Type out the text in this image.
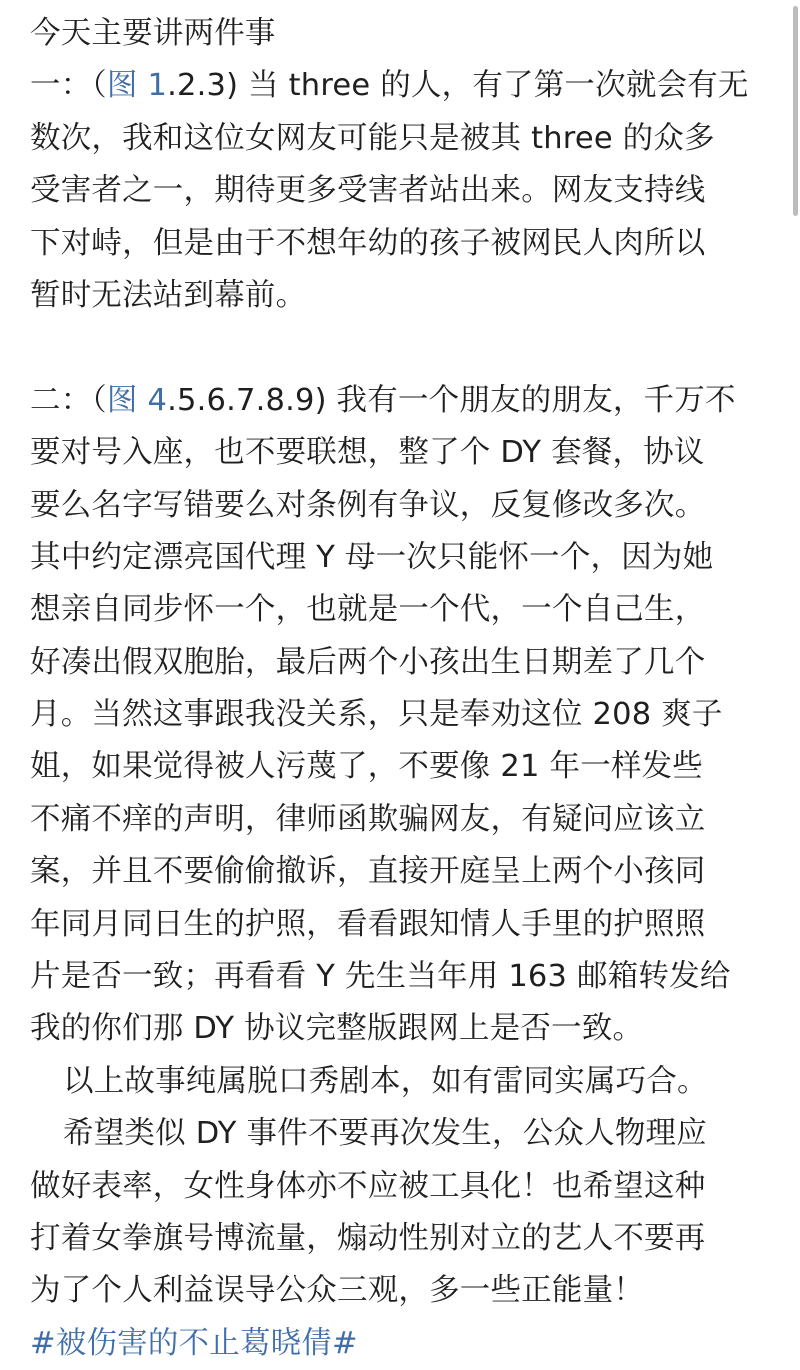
今天主要讲两件事
一：（图 1.2.3) 当 three 的人，有了第一次就会有无
数次，我和这位女网友可能只是被其 three 的众多
受害者之一，期待更多受害者站出来。网友支持线
下对峙，但是由于不想年幼的孩子被网民人肉所以
暂时无法站到幕前。
二：（图 4.5.6.7.8.9) 我有一个朋友的朋友，千万不
要对号入座，也不要联想，整了个 DY 套餐，协议
要么名字写错要么对条例有争议，反复修改多次。
其中约定漂亮国代理 Y 母一次只能怀一个，因为她
想亲自同步怀一个，也就是一个代，一个自己生，
好凑出假双胞胎，最后两个小孩出生日期差了几个
月。当然这事跟我没关系，只是奉劝这位 208 爽子
姐，如果觉得被人污蔑了，不要像 21 年一样发些
不痛不痒的声明，律师函欺骗网友，有疑问应该立
案，并且不要偷偷撤诉，直接开庭呈上两个小孩同
年同月同日生的护照，看看跟知情人手里的护照照
片是否一致；再看看 Y 先生当年用 163 邮箱转发给
我的你们那 DY 协议完整版跟网上是否一致。
以上故事纯属脱口秀剧本，如有雷同实属巧合。
希望类似 DY 事件不要再次发生，公众人物理应
做好表率，女性身体亦不应被工具化！也希望这种
打着女拳旗号博流量，煽动性别对立的艺人不要再
为了个人利益误导公众三观，多一些正能量！
#被伤害的不止葛晓倩#
